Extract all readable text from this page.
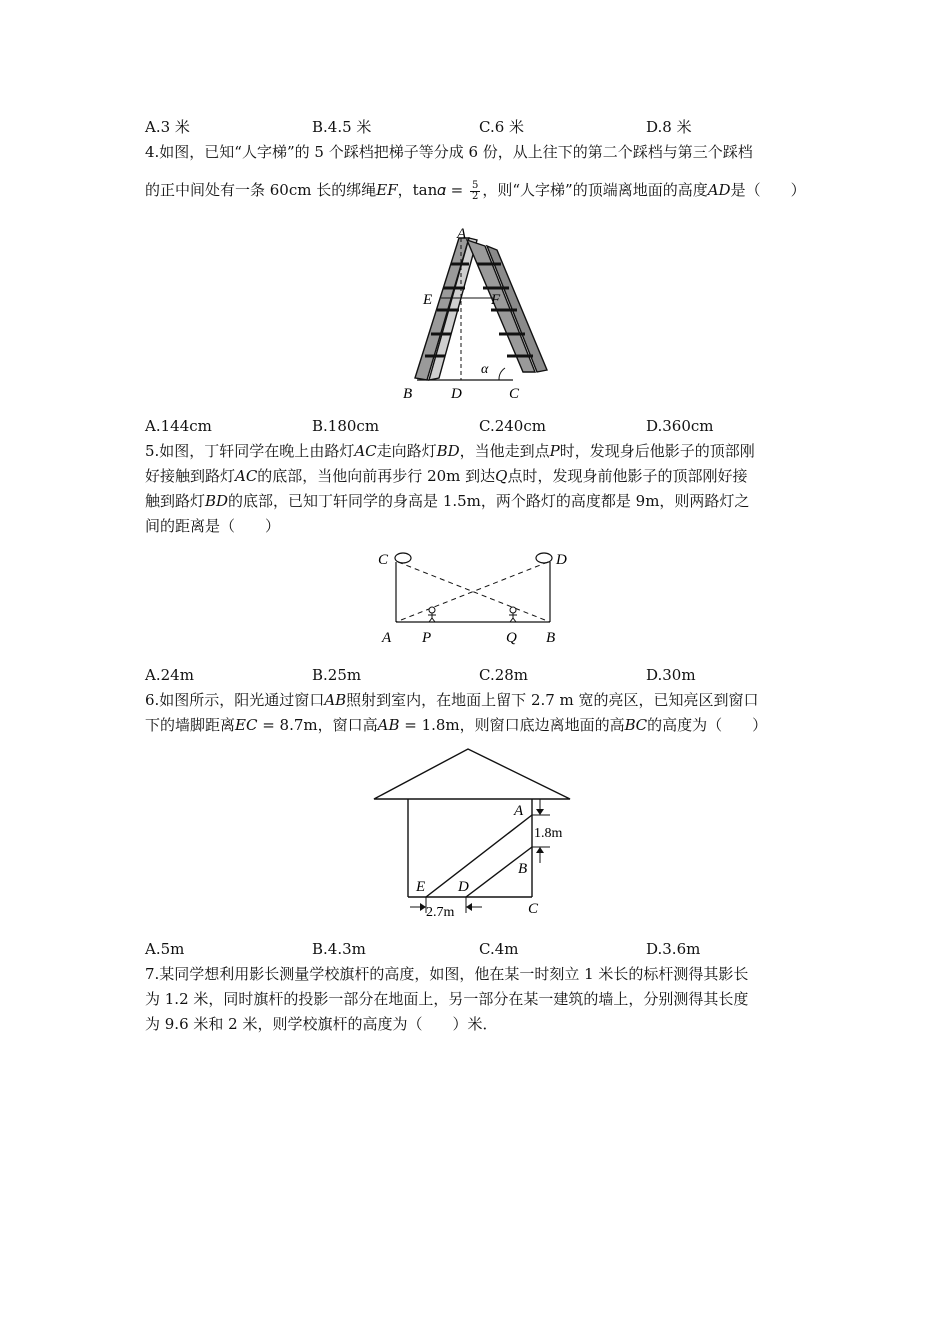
A.3 米	B.4.5 米	C.6 米	D.8 米
4.如图，已知“人字梯”的 5 个踩档把梯子等分成 6 份，从上往下的第二个踩档与第三个踩档
的正中间处有一条 60cm 长的绑绳𝐸𝐹，tan𝛼 = $\frac{5}{2}$ ，则“人字梯”的顶端离地面的高度𝐴𝐷是（　　）
A
B	D	C
E	F
α
A.144cm	B.180cm	C.240cm	D.360cm
5.如图，丁轩同学在晚上由路灯𝐴𝐶走向路灯𝐵𝐷，当他走到点𝑃时，发现身后他影子的顶部刚
好接触到路灯𝐴𝐶的底部，当他向前再步行 20m 到达𝑄点时，发现身前他影子的顶部刚好接
触到路灯𝐵𝐷的底部，已知丁轩同学的身高是 1.5m，两个路灯的高度都是 9m，则两路灯之
间的距离是（　　）
C	D
A P	Q B
A.24m	B.25m	C.28m	D.30m
6.如图所示，阳光通过窗口𝐴𝐵照射到室内，在地面上留下 2.7 m 宽的亮区，已知亮区到窗口
下的墙脚距离𝐸𝐶 = 8.7m，窗口高𝐴𝐵 = 1.8m，则窗口底边离地面的高𝐵𝐶的高度为（　　）
A
B
C
D
E
1.8m
2.7m
A.5m	B.4.3m	C.4m	D.3.6m
7.某同学想利用影长测量学校旗杆的高度，如图，他在某一时刻立 1 米长的标杆测得其影长
为 1.2 米，同时旗杆的投影一部分在地面上，另一部分在某一建筑的墙上，分别测得其长度
为 9.6 米和 2 米，则学校旗杆的高度为（　　）米．
